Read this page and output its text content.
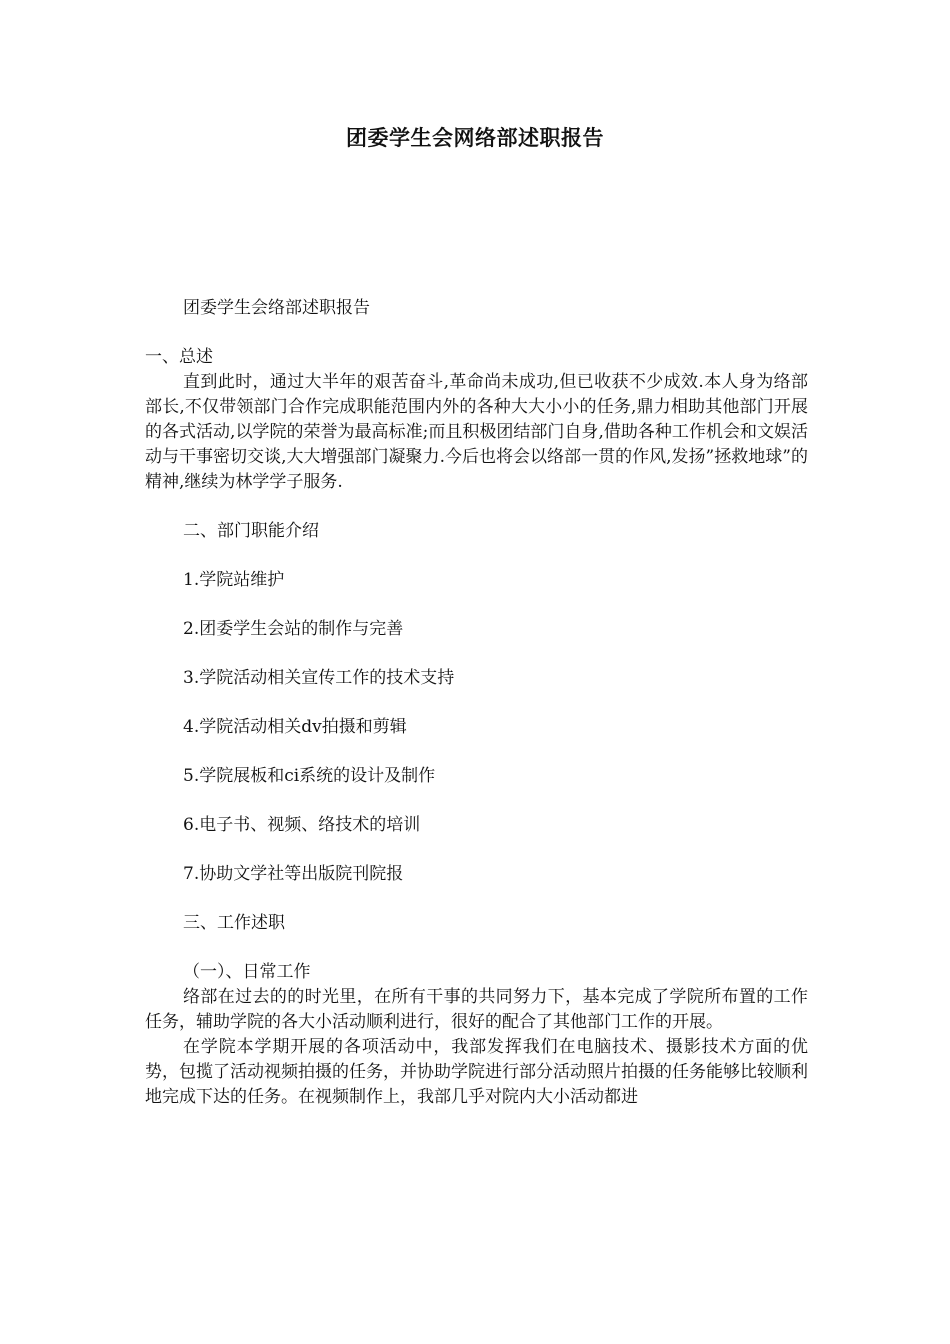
团委学生会网络部述职报告
团委学生会络部述职报告
一、总述

直到此时，通过大半年的艰苦奋斗,革命尚未成功,但已收获不少成效.本人身为络部部长,不仅带领部门合作完成职能范围内外的各种大大小小的任务,鼎力相助其他部门开展的各式活动,以学院的荣誉为最高标准;而且积极团结部门自身,借助各种工作机会和文娱活动与干事密切交谈,大大增强部门凝聚力.今后也将会以络部一贯的作风,发扬”拯救地球”的精神,继续为林学学子服务.

二、部门职能介绍
1.学院站维护
2.团委学生会站的制作与完善
3.学院活动相关宣传工作的技术支持
4.学院活动相关dv拍摄和剪辑
5.学院展板和ci系统的设计及制作
6.电子书、视频、络技术的培训
7.协助文学社等出版院刊院报
三、工作述职
（一）、日常工作

络部在过去的的时光里，在所有干事的共同努力下，基本完成了学院所布置的工作任务，辅助学院的各大小活动顺利进行，很好的配合了其他部门工作的开展。

在学院本学期开展的各项活动中，我部发挥我们在电脑技术、摄影技术方面的优势，包揽了活动视频拍摄的任务，并协助学院进行部分活动照片拍摄的任务能够比较顺利地完成下达的任务。在视频制作上，我部几乎对院内大小活动都进
